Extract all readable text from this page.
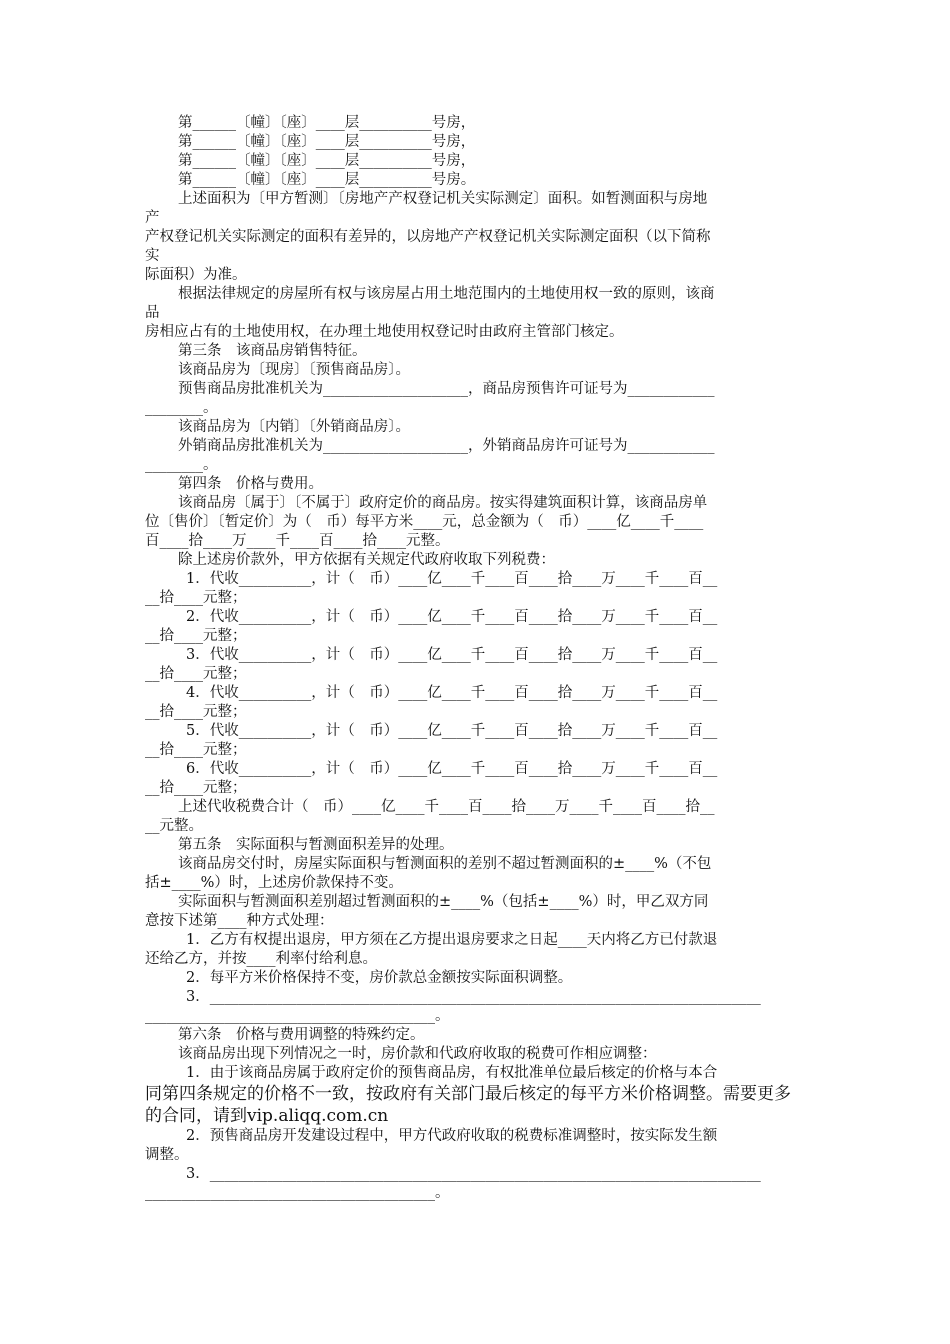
第______〔幢〕〔座〕____层__________号房，
第______〔幢〕〔座〕____层__________号房，
第______〔幢〕〔座〕____层__________号房，
第______〔幢〕〔座〕____层__________号房。
上述面积为〔甲方暂测〕〔房地产产权登记机关实际测定〕面积。如暂测面积与房地
产
产权登记机关实际测定的面积有差异的，以房地产产权登记机关实际测定面积（以下简称
实
际面积）为准。
根据法律规定的房屋所有权与该房屋占用土地范围内的土地使用权一致的原则，该商
品
房相应占有的土地使用权，在办理土地使用权登记时由政府主管部门核定。
第三条　该商品房销售特征。
该商品房为〔现房〕〔预售商品房〕。
预售商品房批准机关为____________________，商品房预售许可证号为____________
________。
该商品房为〔内销〕〔外销商品房〕。
外销商品房批准机关为____________________，外销商品房许可证号为____________
________。
第四条　价格与费用。
该商品房〔属于〕〔不属于〕政府定价的商品房。按实得建筑面积计算，该商品房单
位〔售价〕〔暂定价〕为（　币）每平方米____元，总金额为（　币）____亿____千____
百____拾____万____千____百____拾____元整。
除上述房价款外，甲方依据有关规定代政府收取下列税费：
1．代收__________，计（　币）____亿____千____百____拾____万____千____百__
__拾____元整；
2．代收__________，计（　币）____亿____千____百____拾____万____千____百__
__拾____元整；
3．代收__________，计（　币）____亿____千____百____拾____万____千____百__
__拾____元整；
4．代收__________，计（　币）____亿____千____百____拾____万____千____百__
__拾____元整；
5．代收__________，计（　币）____亿____千____百____拾____万____千____百__
__拾____元整；
6．代收__________，计（　币）____亿____千____百____拾____万____千____百__
__拾____元整；
上述代收税费合计（　币）____亿____千____百____拾____万____千____百____拾__
__元整。
第五条　实际面积与暂测面积差异的处理。
该商品房交付时，房屋实际面积与暂测面积的差别不超过暂测面积的±____%（不包
括±____%）时，上述房价款保持不变。
实际面积与暂测面积差别超过暂测面积的±____%（包括±____%）时，甲乙双方同
意按下述第____种方式处理：
1．乙方有权提出退房，甲方须在乙方提出退房要求之日起____天内将乙方已付款退
还给乙方，并按____利率付给利息。
2．每平方米价格保持不变，房价款总金额按实际面积调整。
3．____________________________________________________________________________
________________________________________。
第六条　价格与费用调整的特殊约定。
该商品房出现下列情况之一时，房价款和代政府收取的税费可作相应调整：
1．由于该商品房属于政府定价的预售商品房，有权批准单位最后核定的价格与本合
同第四条规定的价格不一致，按政府有关部门最后核定的每平方米价格调整。需要更多
的合同，请到vip.aliqq.com.cn
2．预售商品房开发建设过程中，甲方代政府收取的税费标准调整时，按实际发生额
调整。
3．____________________________________________________________________________
________________________________________。
